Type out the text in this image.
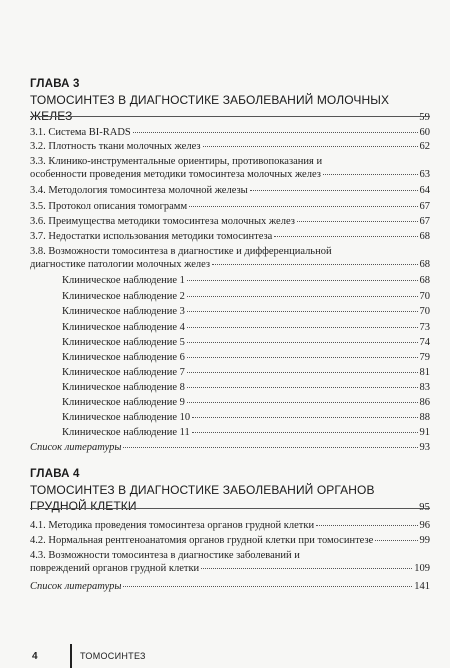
ГЛАВА 3
ТОМОСИНТЕЗ В ДИАГНОСТИКЕ ЗАБОЛЕВАНИЙ МОЛОЧНЫХ
ЖЕЛЕЗ	59
3.1. Система BI-RADS	60
3.2. Плотность ткани молочных желез	62
3.3. Клинико-инструментальные ориентиры, противопоказания и
особенности проведения методики томосинтеза молочных желез	63
3.4. Методология томосинтеза молочной железы	64
3.5. Протокол описания томограмм	67
3.6. Преимущества методики томосинтеза молочных желез	67
3.7. Недостатки использования методики томосинтеза	68
3.8. Возможности томосинтеза в диагностике и дифференциальной
диагностике патологии молочных желез	68
Клиническое наблюдение 1	68
Клиническое наблюдение 2	70
Клиническое наблюдение 3	70
Клиническое наблюдение 4	73
Клиническое наблюдение 5	74
Клиническое наблюдение 6	79
Клиническое наблюдение 7	81
Клиническое наблюдение 8	83
Клиническое наблюдение 9	86
Клиническое наблюдение 10	88
Клиническое наблюдение 11	91
Список литературы	93
ГЛАВА 4
ТОМОСИНТЕЗ В ДИАГНОСТИКЕ ЗАБОЛЕВАНИЙ ОРГАНОВ
ГРУДНОЙ КЛЕТКИ	95
4.1. Методика проведения томосинтеза органов грудной клетки	96
4.2. Нормальная рентгеноанатомия органов грудной клетки при томосинтезе	99
4.3. Возможности томосинтеза в диагностике заболеваний и
повреждений органов грудной клетки	109
Список литературы	141
4	ТОМОСИНТЕЗ
